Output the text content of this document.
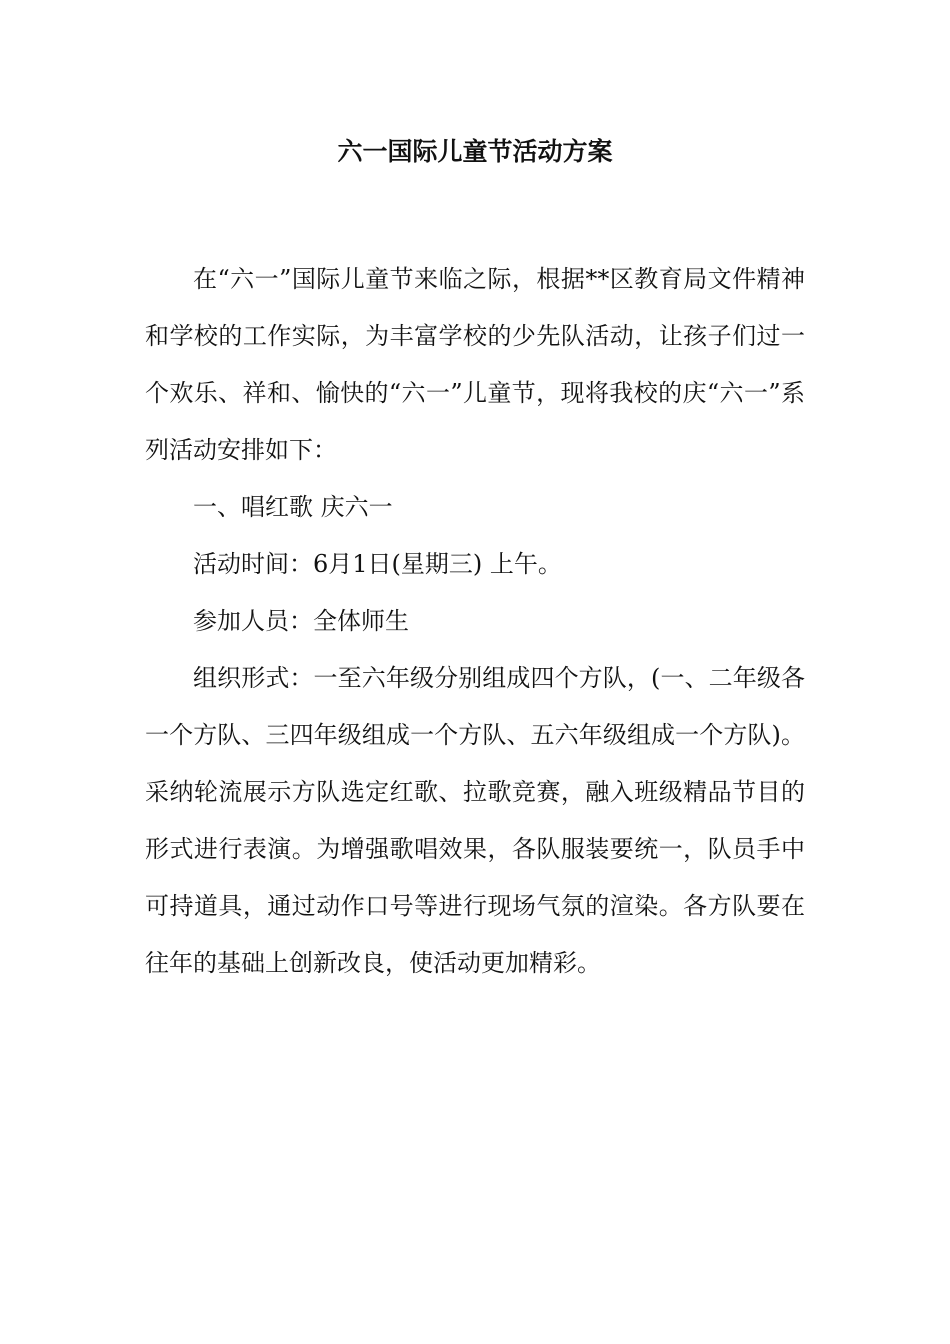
六一国际儿童节活动方案

在“六一”国际儿童节来临之际，根据**区教育局文件精神和学校的工作实际，为丰富学校的少先队活动，让孩子们过一个欢乐、祥和、愉快的“六一”儿童节，现将我校的庆“六一”系列活动安排如下：

一、唱红歌 庆六一

活动时间：6月1日(星期三) 上午。

参加人员：全体师生

组织形式：一至六年级分别组成四个方队，(一、二年级各一个方队、三四年级组成一个方队、五六年级组成一个方队)。采纳轮流展示方队选定红歌、拉歌竞赛，融入班级精品节目的形式进行表演。为增强歌唱效果，各队服装要统一，队员手中可持道具，通过动作口号等进行现场气氛的渲染。各方队要在往年的基础上创新改良，使活动更加精彩。
